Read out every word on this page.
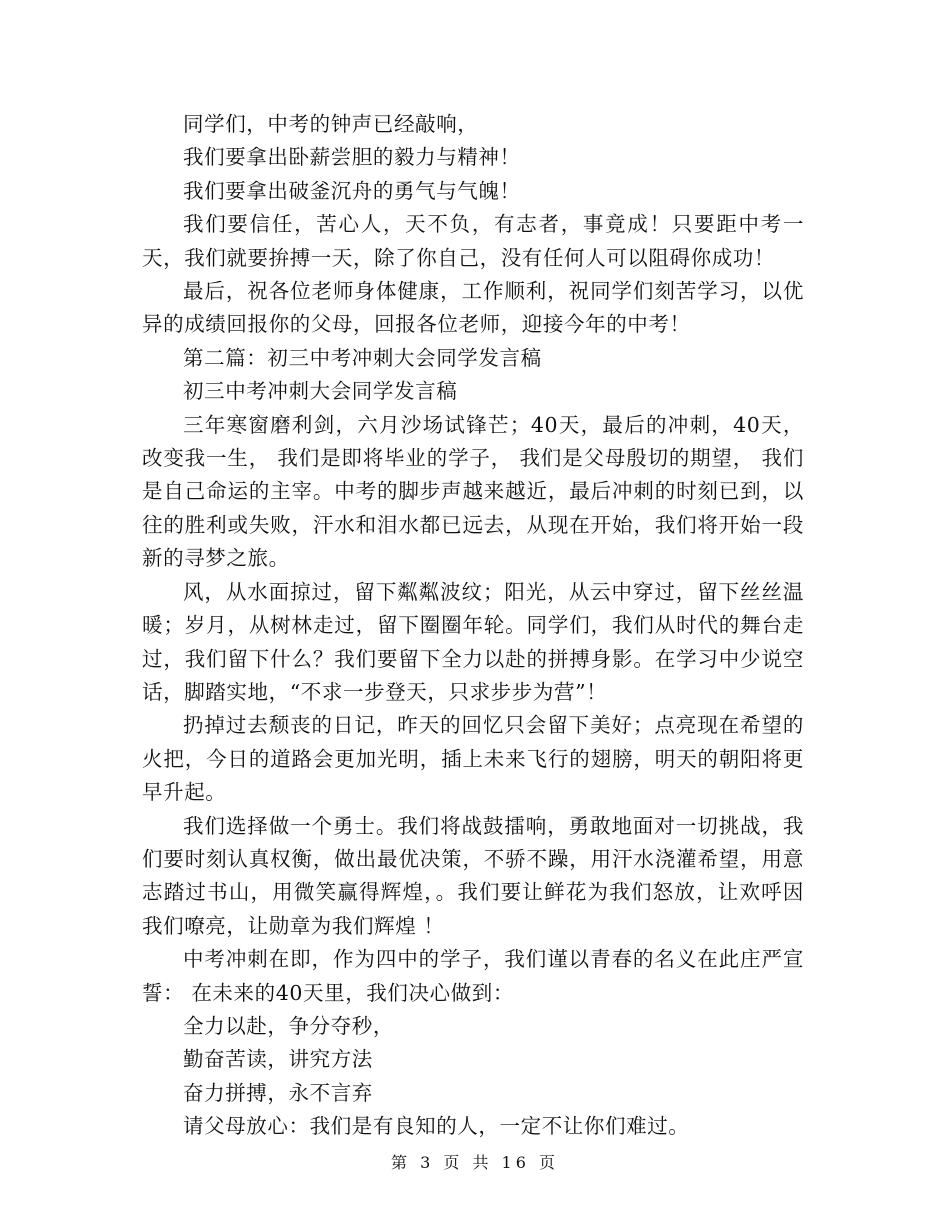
同学们，中考的钟声已经敲响，

我们要拿出卧薪尝胆的毅力与精神！

我们要拿出破釜沉舟的勇气与气魄！

我们要信任，苦心人，天不负，有志者，事竟成！只要距中考一天，我们就要拚搏一天，除了你自己，没有任何人可以阻碍你成功！

最后，祝各位老师身体健康，工作顺利，祝同学们刻苦学习，以优异的成绩回报你的父母，回报各位老师，迎接今年的中考！

第二篇：初三中考冲刺大会同学发言稿

初三中考冲刺大会同学发言稿

三年寒窗磨利剑，六月沙场试锋芒；40天，最后的冲刺，40天，改变我一生， 我们是即将毕业的学子， 我们是父母殷切的期望， 我们是自己命运的主宰。中考的脚步声越来越近，最后冲刺的时刻已到，以往的胜利或失败，汗水和泪水都已远去，从现在开始，我们将开始一段新的寻梦之旅。

风，从水面掠过，留下粼粼波纹；阳光，从云中穿过，留下丝丝温暖；岁月，从树林走过，留下圈圈年轮。同学们，我们从时代的舞台走过，我们留下什么？我们要留下全力以赴的拼搏身影。在学习中少说空话，脚踏实地，“不求一步登天，只求步步为营”！

扔掉过去颓丧的日记，昨天的回忆只会留下美好；点亮现在希望的火把，今日的道路会更加光明，插上未来飞行的翅膀，明天的朝阳将更早升起。

我们选择做一个勇士。我们将战鼓擂响，勇敢地面对一切挑战，我们要时刻认真权衡，做出最优决策，不骄不躁，用汗水浇灌希望，用意志踏过书山，用微笑赢得辉煌，。我们要让鲜花为我们怒放，让欢呼因我们嘹亮，让勋章为我们辉煌 ！

中考冲刺在即，作为四中的学子，我们谨以青春的名义在此庄严宣誓： 在未来的40天里，我们决心做到：

全力以赴，争分夺秒，

勤奋苦读，讲究方法

奋力拼搏，永不言弃

请父母放心：我们是有良知的人，一定不让你们难过。

第 3 页 共 16 页
